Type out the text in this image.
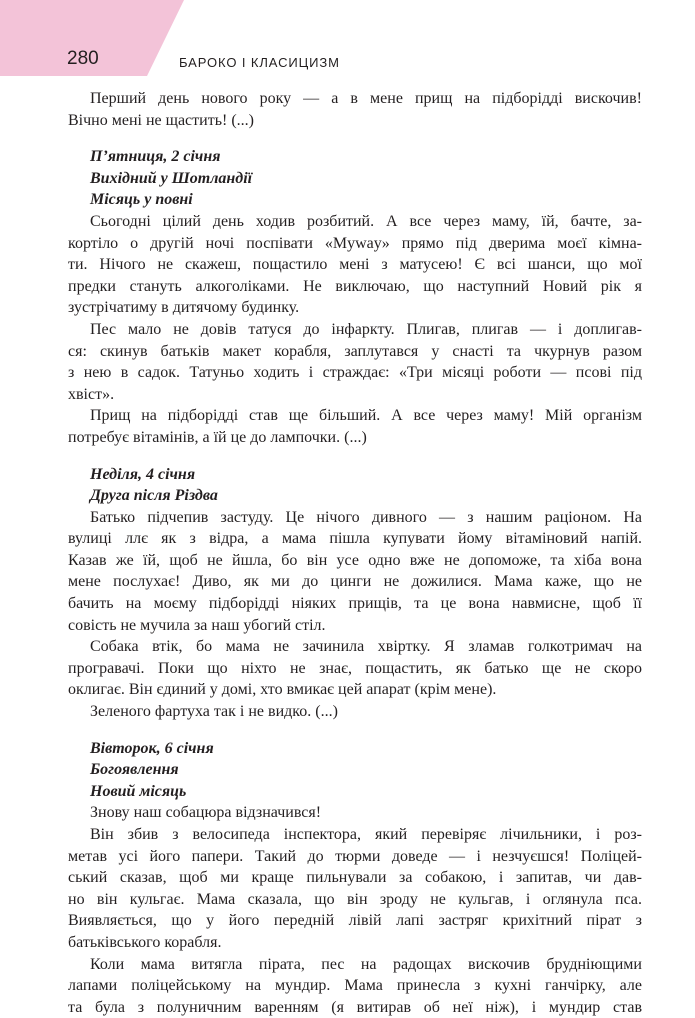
280	БАРОКО І КЛАСИЦИЗМ
Перший день нового року — а в мене прищ на підборідді вискочив!
Вічно мені не щастить! (...)
П’ятниця, 2 січня
Вихідний у Шотландії
Місяць у повні
Сьогодні цілий день ходив розбитий. А все через маму, їй, бачте, за-
кортіло о другій ночі поспівати «Myway» прямо під дверима моєї кімна-
ти. Нічого не скажеш, пощастило мені з матусею! Є всі шанси, що мої
предки стануть алкоголіками. Не виключаю, що наступний Новий рік я
зустрічатиму в дитячому будинку.
Пес мало не довів татуся до інфаркту. Плигав, плигав — і доплигав-
ся: скинув батьків макет корабля, заплутався у снасті та чкурнув разом
з нею в садок. Татуньо ходить і страждає: «Три місяці роботи — псові під
хвіст».
Прищ на підборідді став ще більший. А все через маму! Мій організм
потребує вітамінів, а їй це до лампочки. (...)
Неділя, 4 січня
Друга після Різдва
Батько підчепив застуду. Це нічого дивного — з нашим раціоном. На
вулиці ллє як з відра, а мама пішла купувати йому вітаміновий напій.
Казав же їй, щоб не йшла, бо він усе одно вже не допоможе, та хіба вона
мене послухає! Диво, як ми до цинги не дожилися. Мама каже, що не
бачить на моєму підборідді ніяких прищів, та це вона навмисне, щоб її
совість не мучила за наш убогий стіл.
Собака втік, бо мама не зачинила хвіртку. Я зламав голкотримач на
програвачі. Поки що ніхто не знає, пощастить, як батько ще не скоро
оклигає. Він єдиний у домі, хто вмикає цей апарат (крім мене).
Зеленого фартуха так і не видко. (...)
Вівторок, 6 січня
Богоявлення
Новий місяць
Знову наш собацюра відзначився!
Він збив з велосипеда інспектора, який перевіряє лічильники, і роз-
метав усі його папери. Такий до тюрми доведе — і незчуєшся! Поліцей-
ський сказав, щоб ми краще пильнували за собакою, і запитав, чи дав-
но він кульгає. Мама сказала, що він зроду не кульгав, і оглянула пса.
Виявляється, що у його передній лівій лапі застряг крихітний пірат з
батьківського корабля.
Коли мама витягла пірата, пес на радощах вискочив брудніющими
лапами поліцейському на мундир. Мама принесла з кухні ганчірку, але
та була з полуничним варенням (я витирав об неї ніж), і мундир став
